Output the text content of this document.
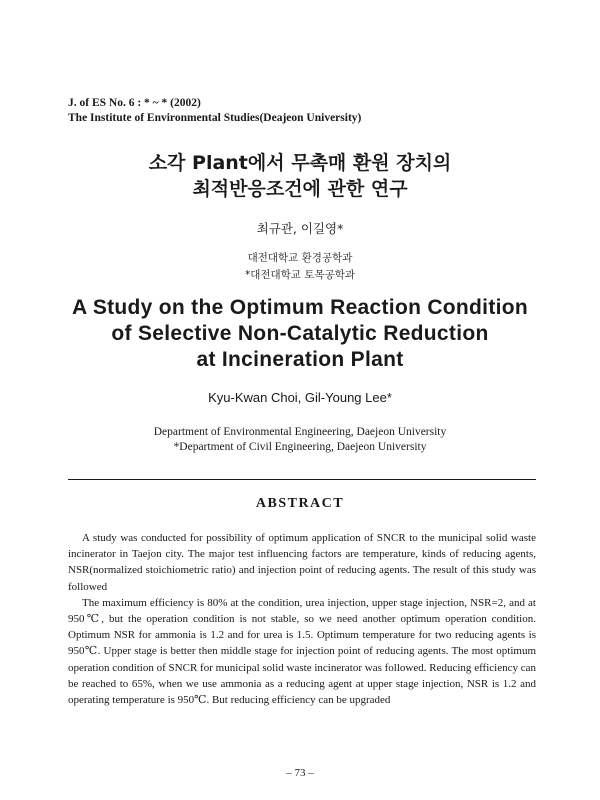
J. of ES No. 6 : * ~ * (2002)
The Institute of Environmental Studies(Deajeon University)
소각 Plant에서 무촉매 환원 장치의
최적반응조건에 관한 연구
최규관, 이길영*
대전대학교 환경공학과
*대전대학교 토목공학과
A Study on the Optimum Reaction Condition
of Selective Non-Catalytic Reduction
at Incineration Plant
Kyu-Kwan Choi, Gil-Young Lee*
Department of Environmental Engineering, Daejeon University
*Department of Civil Engineering, Daejeon University
ABSTRACT

A study was conducted for possibility of optimum application of SNCR to the municipal solid waste incinerator in Taejon city. The major test influencing factors are temperature, kinds of reducing agents, NSR(normalized stoichiometric ratio) and injection point of reducing agents. The result of this study was followed

The maximum efficiency is 80% at the condition, urea injection, upper stage injection, NSR=2, and at 950℃, but the operation condition is not stable, so we need another optimum operation condition. Optimum NSR for ammonia is 1.2 and for urea is 1.5. Optimum temperature for two reducing agents is 950℃. Upper stage is better then middle stage for injection point of reducing agents. The most optimum operation condition of SNCR for municipal solid waste incinerator was followed. Reducing efficiency can be reached to 65%, when we use ammonia as a reducing agent at upper stage injection, NSR is 1.2 and operating temperature is 950℃. But reducing efficiency can be upgraded

– 73 –
